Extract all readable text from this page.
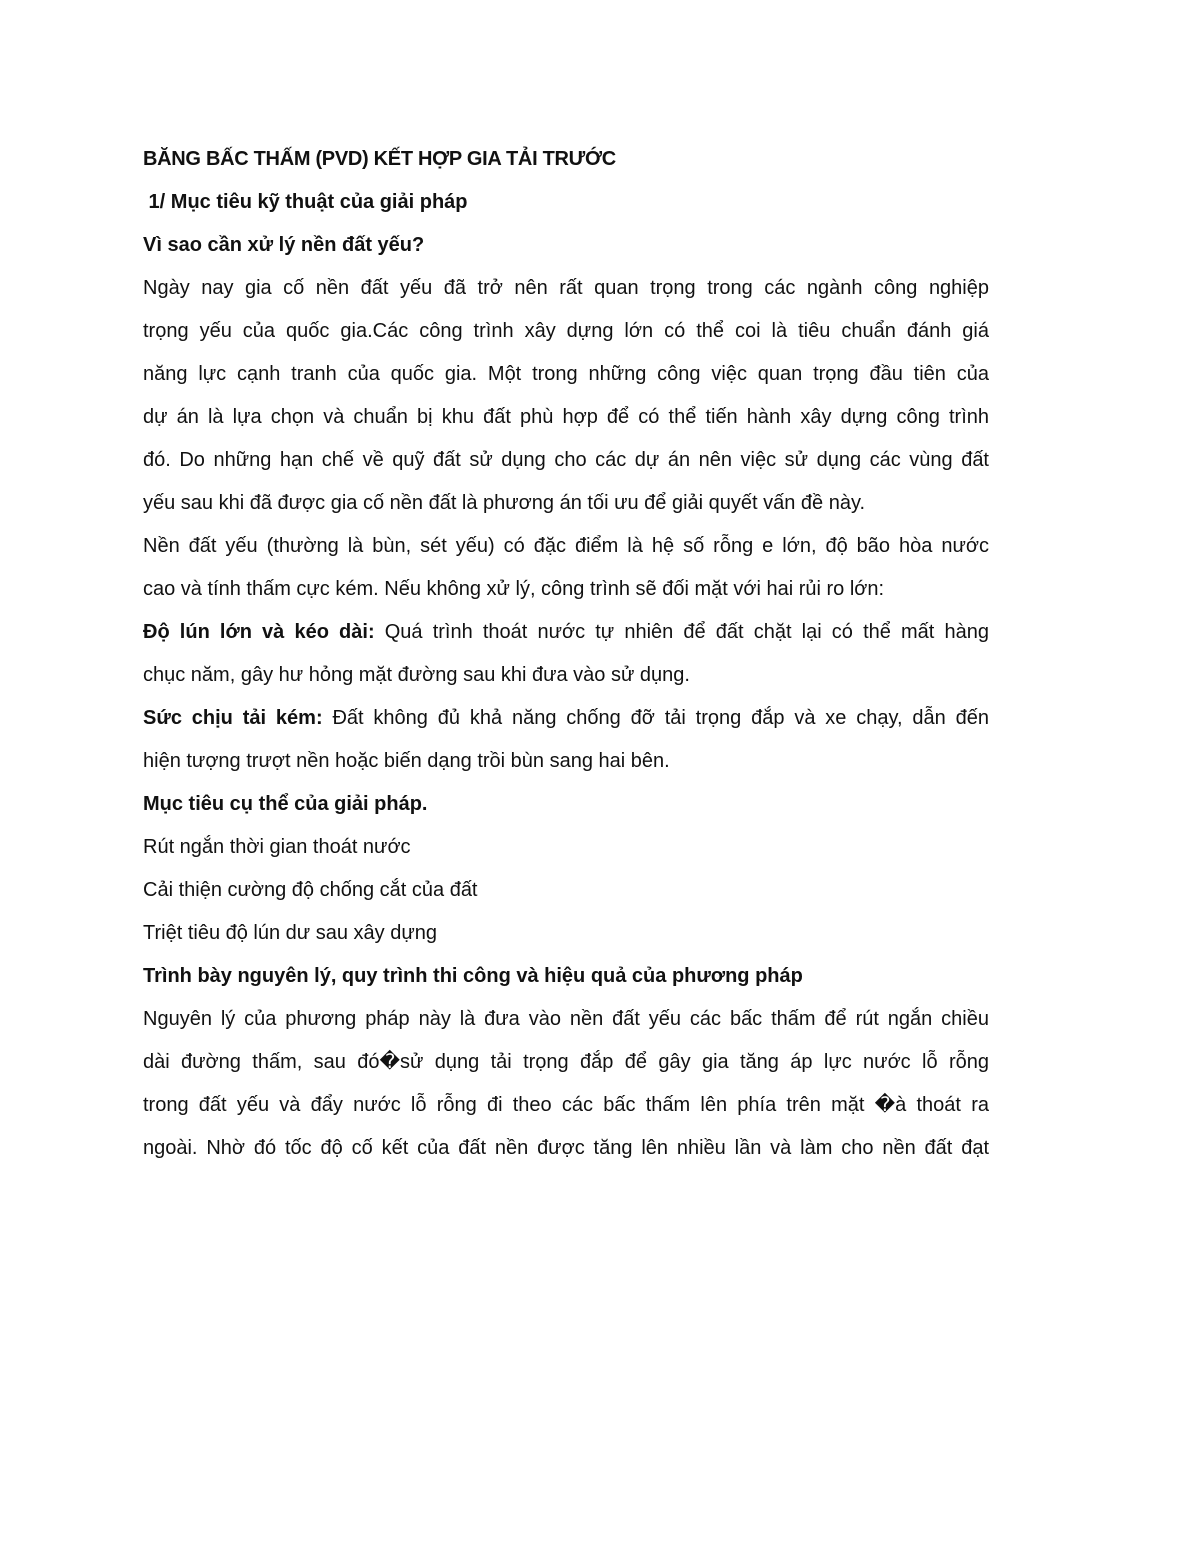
BĂNG BẤC THẤM (PVD) KẾT HỢP GIA TẢI TRƯỚC

1/ Mục tiêu kỹ thuật của giải pháp

Vì sao cần xử lý nền đất yếu?

Ngày nay gia cố nền đất yếu đã trở nên rất quan trọng trong các ngành công nghiệp

trọng yếu của quốc gia.Các công trình xây dựng lớn có thể coi là tiêu chuẩn đánh giá

năng lực cạnh tranh của quốc gia. Một trong những công việc quan trọng đầu tiên của

dự án là lựa chọn và chuẩn bị khu đất phù hợp để có thể tiến hành xây dựng công trình

đó. Do những hạn chế về quỹ đất sử dụng cho các dự án nên việc sử dụng các vùng đất

yếu sau khi đã được gia cố nền đất là phương án tối ưu để giải quyết vấn đề này.

Nền đất yếu (thường là bùn, sét yếu) có đặc điểm là hệ số rỗng e lớn, độ bão hòa nước

cao và tính thấm cực kém. Nếu không xử lý, công trình sẽ đối mặt với hai rủi ro lớn:

Độ lún lớn và kéo dài: Quá trình thoát nước tự nhiên để đất chặt lại có thể mất hàng

chục năm, gây hư hỏng mặt đường sau khi đưa vào sử dụng.

Sức chịu tải kém: Đất không đủ khả năng chống đỡ tải trọng đắp và xe chạy, dẫn đến

hiện tượng trượt nền hoặc biến dạng trồi bùn sang hai bên.

Mục tiêu cụ thể của giải pháp.

Rút ngắn thời gian thoát nước

Cải thiện cường độ chống cắt của đất

Triệt tiêu độ lún dư sau xây dựng

Trình bày nguyên lý, quy trình thi công và hiệu quả của phương pháp

Nguyên lý của phương pháp này là đưa vào nền đất yếu các bấc thấm để rút ngắn chiều

dài đường thấm, sau đó�sử dụng tải trọng đắp để gây gia tăng áp lực nước lỗ rỗng

trong đất yếu và đẩy nước lỗ rỗng đi theo các bấc thấm lên phía trên mặt �à thoát ra

ngoài. Nhờ đó tốc độ cố kết của đất nền được tăng lên nhiều lần và làm cho nền đất đạt
